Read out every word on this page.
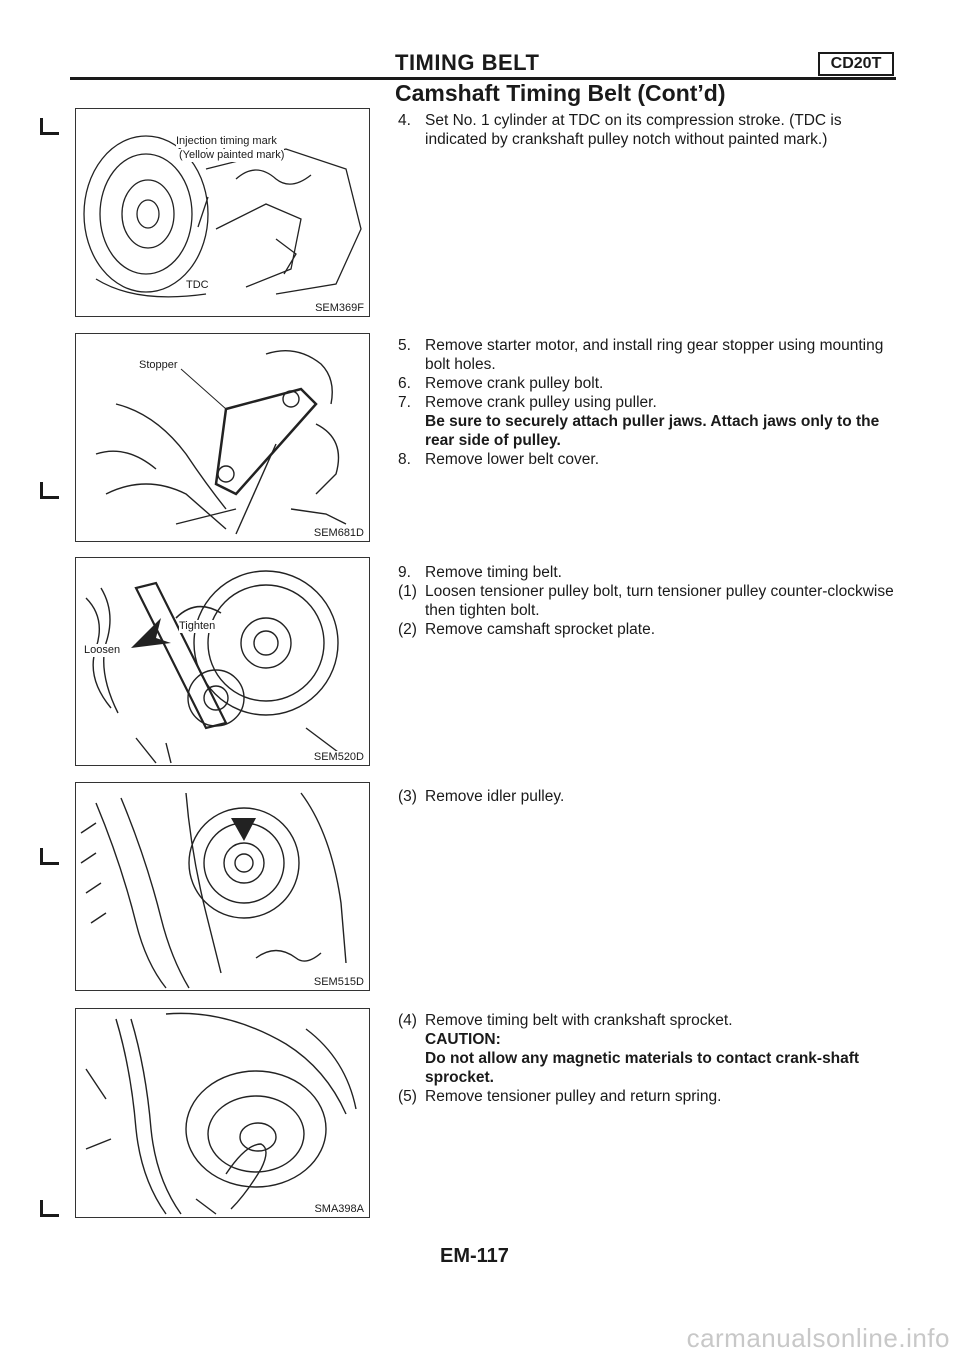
TIMING BELT	CD20T
Camshaft Timing Belt (Cont’d)
Injection timing mark
(Yellow painted mark)
TDC
SEM369F
Stopper
SEM681D
Tighten
Loosen
SEM520D
SEM515D
SMA398A
4. Set No. 1 cylinder at TDC on its compression stroke. (TDC is indicated by crankshaft pulley notch without painted mark.)
5. Remove starter motor, and install ring gear stopper using mounting bolt holes.
6. Remove crank pulley bolt.
7. Remove crank pulley using puller.
Be sure to securely attach puller jaws. Attach jaws only to the rear side of pulley.
8. Remove lower belt cover.
9. Remove timing belt.
(1) Loosen tensioner pulley bolt, turn tensioner pulley counter-clockwise then tighten bolt.
(2) Remove camshaft sprocket plate.
(3) Remove idler pulley.
(4) Remove timing belt with crankshaft sprocket.
CAUTION:
Do not allow any magnetic materials to contact crank-shaft sprocket.
(5) Remove tensioner pulley and return spring.
EM-117
carmanualsonline.info
